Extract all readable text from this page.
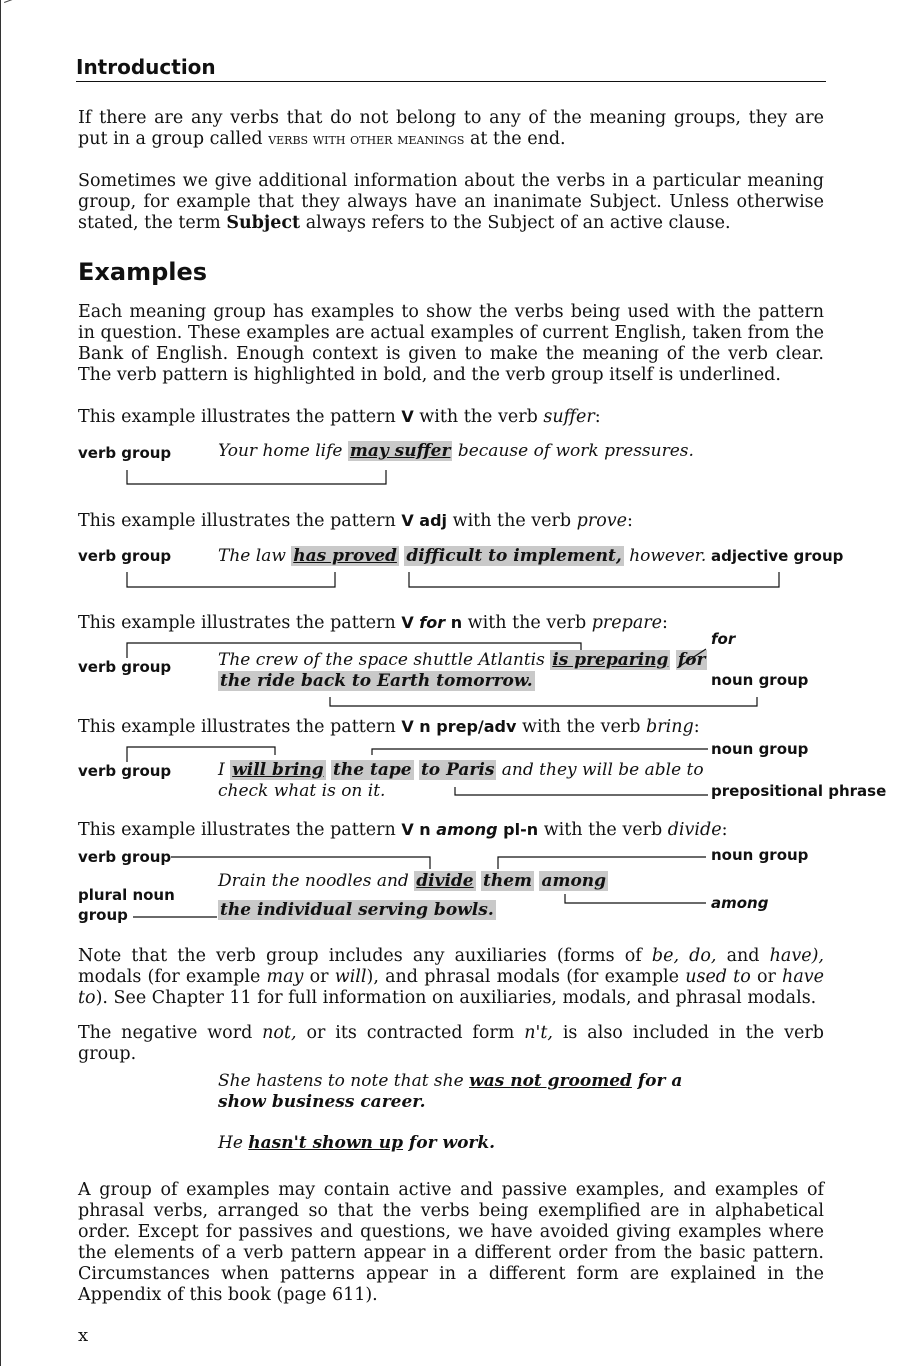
Introduction

If there are any verbs that do not belong to any of the meaning groups, they are put in a group called verbs with other meanings at the end.

Sometimes we give additional information about the verbs in a particular meaning group, for example that they always have an inanimate Subject. Unless otherwise stated, the term Subject always refers to the Subject of an active clause.

Examples

Each meaning group has examples to show the verbs being used with the pattern in question. These examples are actual examples of current English, taken from the Bank of English. Enough context is given to make the meaning of the verb clear. The verb pattern is highlighted in bold, and the verb group itself is underlined.

This example illustrates the pattern V with the verb suffer:
verb group	Your home life may suffer because of work pressures.
This example illustrates the pattern V adj with the verb prove:
verb group	adjective group
The law has proved difficult to implement, however.
This example illustrates the pattern V for n with the verb prepare:
verb group
for
noun group
The crew of the space shuttle Atlantis is preparing for
the ride back to Earth tomorrow.
This example illustrates the pattern V n prep/adv with the verb bring:
verb group
noun group
prepositional phrase
I will bring the tape to Paris and they will be able to
check what is on it.
This example illustrates the pattern V n among pl-n with the verb divide:
verb group	noun group
plural noun
group
among
Drain the noodles and divide them among
the individual serving bowls.

Note that the verb group includes any auxiliaries (forms of be, do, and have), modals (for example may or will), and phrasal modals (for example used to or have to). See Chapter 11 for full information on auxiliaries, modals, and phrasal modals.

The negative word not, or its contracted form n't, is also included in the verb group.

She hastens to note that she was not groomed for a
show business career.
He hasn't shown up for work.

A group of examples may contain active and passive examples, and examples of phrasal verbs, arranged so that the verbs being exemplified are in alphabetical order. Except for passives and questions, we have avoided giving examples where the elements of a verb pattern appear in a different order from the basic pattern. Circumstances when patterns appear in a different form are explained in the Appendix of this book (page 611).

x
